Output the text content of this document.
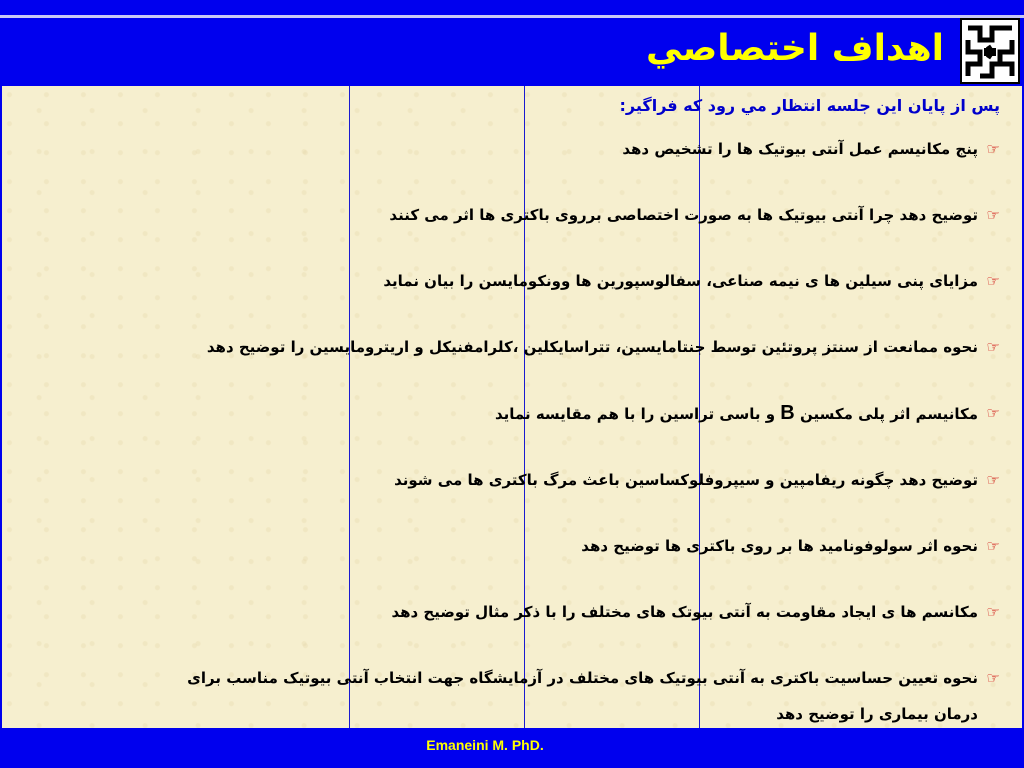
اهداف اختصاصي
پس از پایان این جلسه انتظار مي رود كه فراگير:
☞
پنج مکانیسم عمل آنتی بیوتیک ها را تشخیص دهد
☞
توضیح دهد چرا آنتی بیوتیک ها به صورت اختصاصی برروی باکتری ها اثر می کنند
☞
مزایای پنی سیلین ها ی نیمه صناعی، سفالوسپورین ها وونکومایسن را بیان نماید
☞
نحوه ممانعت از سنتز پروتئین توسط جنتامایسین، تتراسایکلین ،کلرامفنیکل و اریترومایسین را توضیح دهد
☞
مکانیسم اثر پلی مکسین B و باسی تراسین را با هم مقایسه نماید
☞
توضیح دهد چگونه ریفامپین و سیپروفلوکساسین باعث مرگ باکتری ها می شوند
☞
نحوه اثر سولوفونامید ها بر روی باکتری ها توضیح دهد
☞
مکانسم ها ی ایجاد مقاومت به آنتی بیوتک های مختلف را با ذکر مثال توضیح دهد
☞
نحوه تعیین حساسیت باکتری به آنتی بیوتیک های مختلف در آزمایشگاه جهت انتخاب آنتی بیوتیک مناسب برای درمان بیماری را توضیح دهد
Emaneini M. PhD.
